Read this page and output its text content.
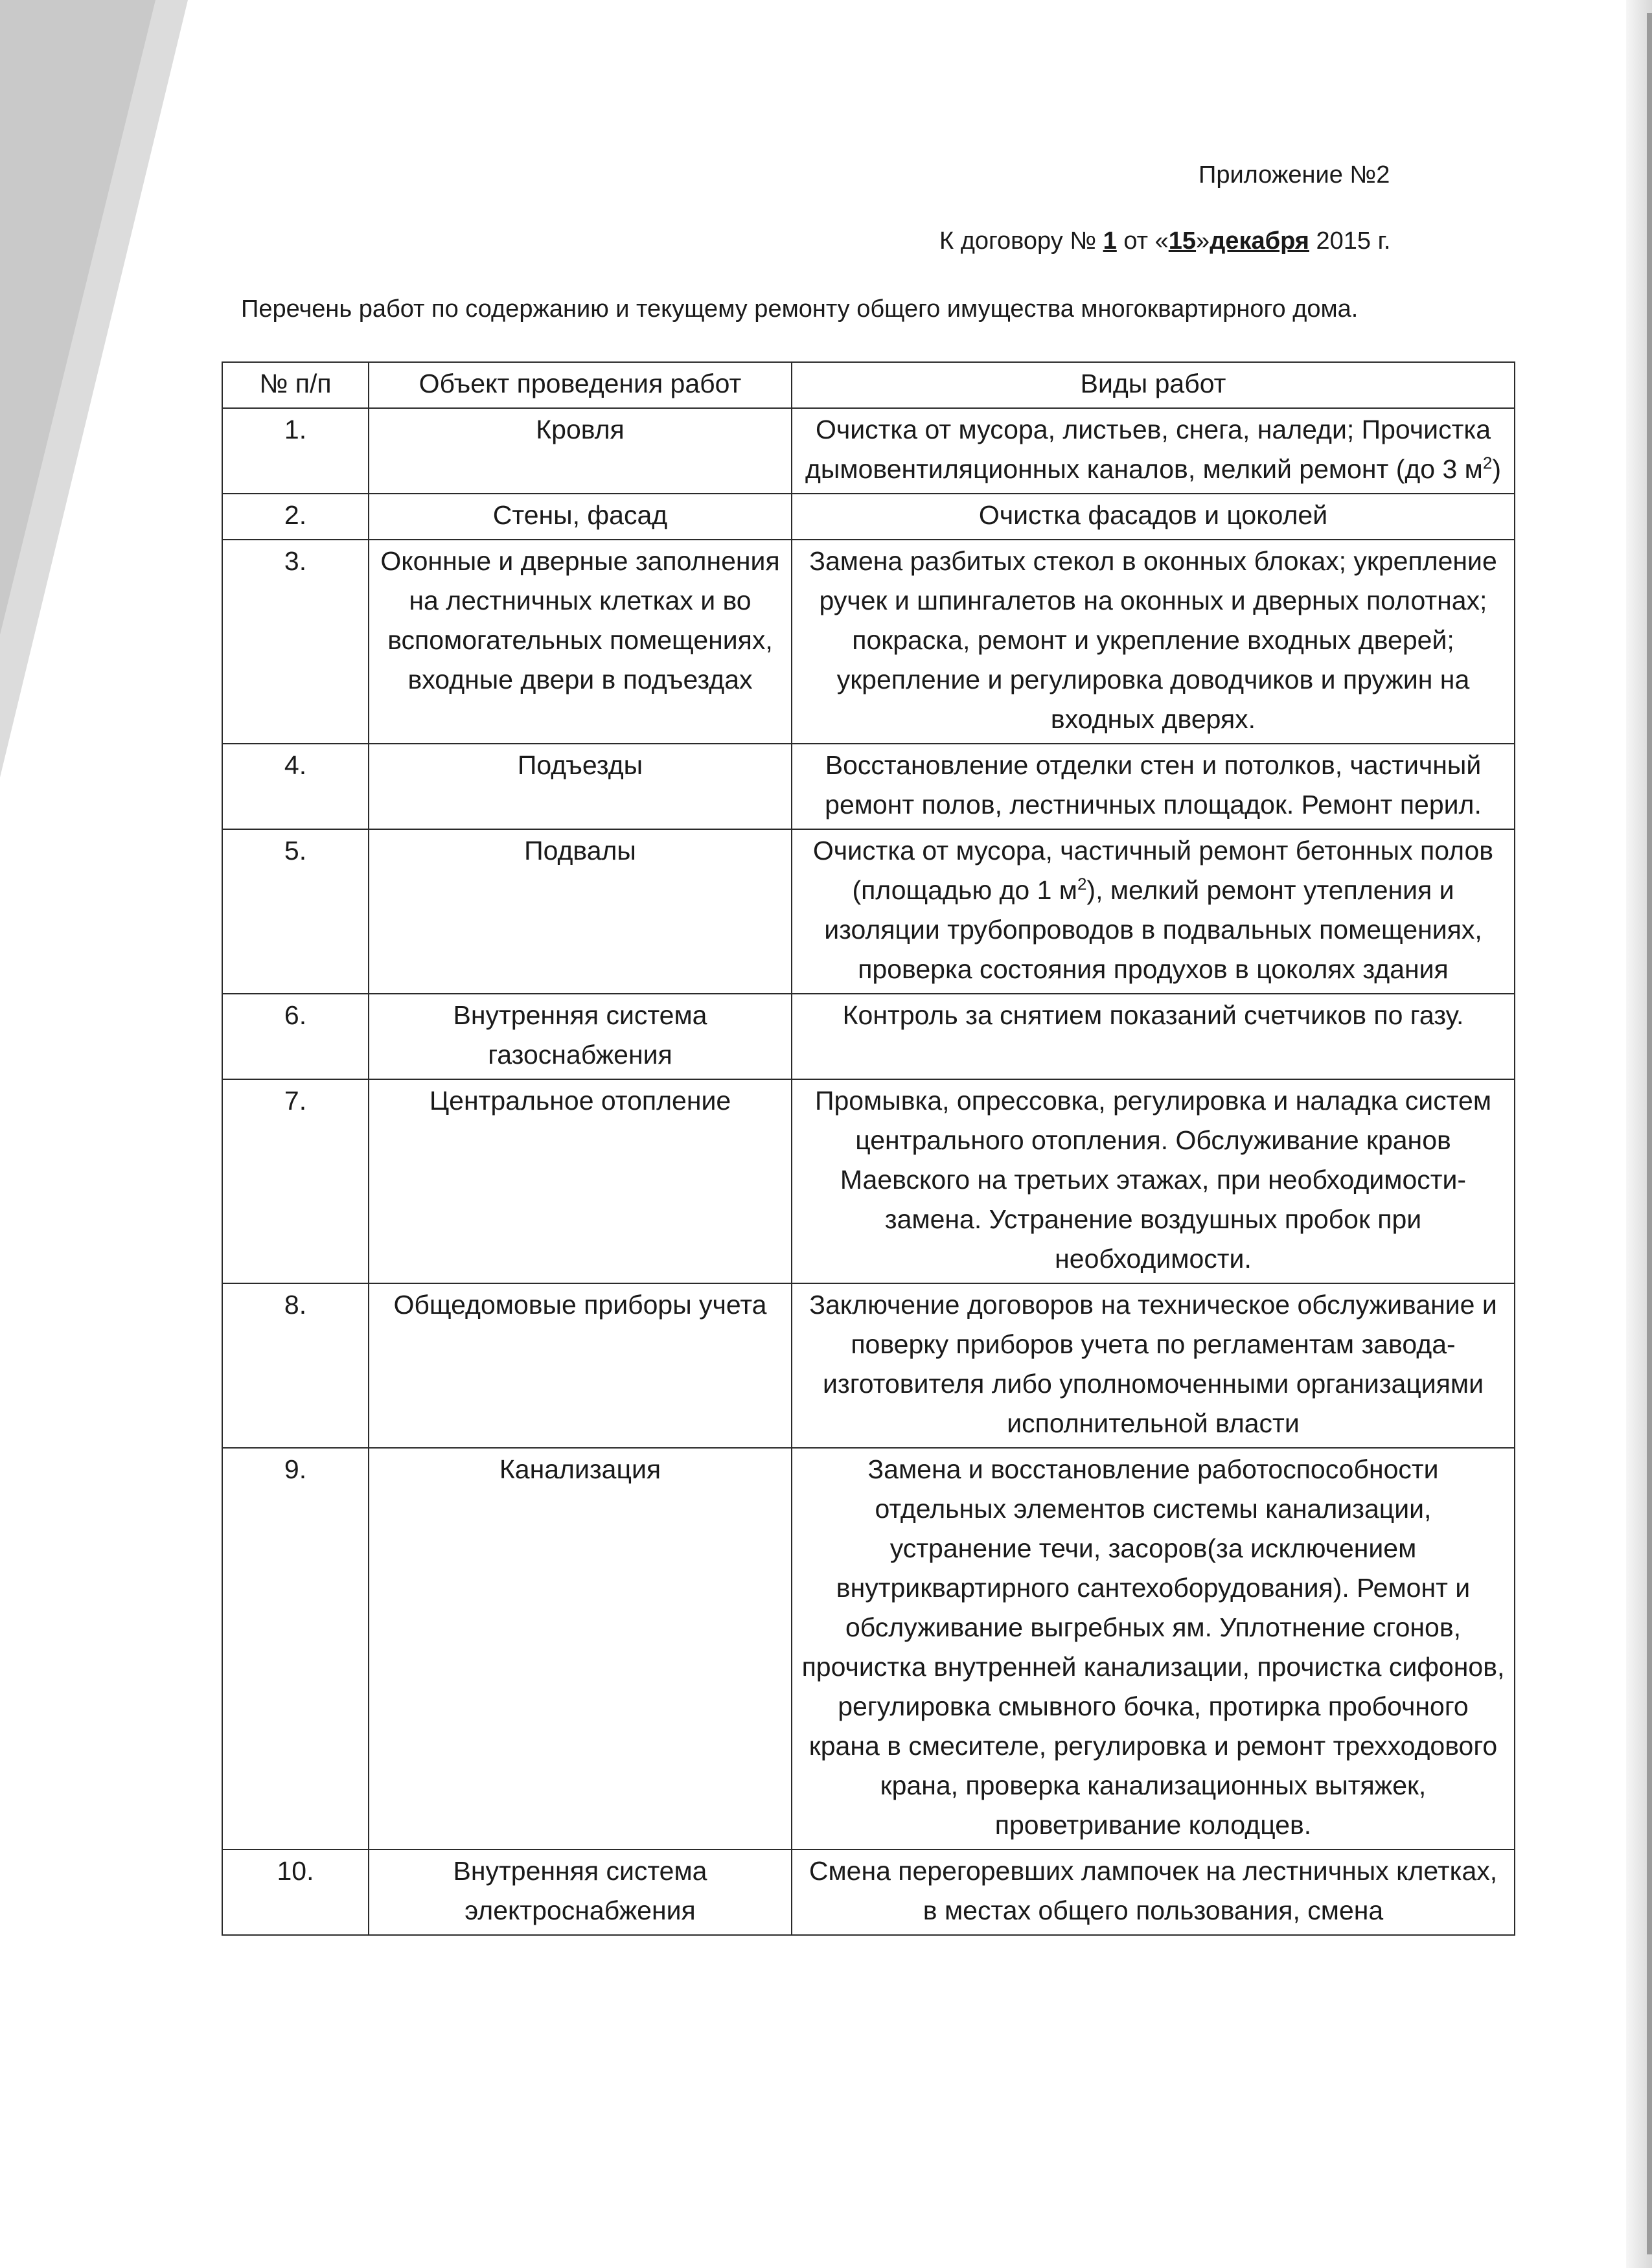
Приложение №2
К договору № 1 от «15»декабря 2015 г.
Перечень работ по содержанию и текущему ремонту общего имущества многоквартирного дома.
№ п/п	Объект проведения работ	Виды работ
1.	Кровля	Очистка от мусора, листьев, снега, наледи; Прочистка дымовентиляционных каналов, мелкий ремонт (до 3 $м^2$)
2.	Стены, фасад	Очистка фасадов и цоколей
3.	Оконные и дверные заполнения на лестничных клетках и во вспомогательных помещениях, входные двери в подъездах	Замена разбитых стекол в оконных блоках; укрепление ручек и шпингалетов на оконных и дверных полотнах; покраска, ремонт и укрепление входных дверей; укрепление и регулировка доводчиков и пружин на входных дверях.
4.	Подъезды	Восстановление отделки стен и потолков, частичный ремонт полов, лестничных площадок. Ремонт перил.
5.	Подвалы	Очистка от мусора, частичный ремонт бетонных полов (площадью до 1 $м^2$), мелкий ремонт утепления и изоляции трубопроводов в подвальных помещениях, проверка состояния продухов в цоколях здания
6.	Внутренняя система газоснабжения	Контроль за снятием показаний счетчиков по газу.
7.	Центральное отопление	Промывка, опрессовка, регулировка и наладка систем центрального отопления. Обслуживание кранов Маевского на третьих этажах, при необходимости-замена. Устранение воздушных пробок при необходимости.
8.	Общедомовые приборы учета	Заключение договоров на техническое обслуживание и поверку приборов учета по регламентам завода-изготовителя либо уполномоченными организациями исполнительной власти
9.	Канализация	Замена и восстановление работоспособности отдельных элементов системы канализации, устранение течи, засоров(за исключением внутриквартирного сантехоборудования). Ремонт и обслуживание выгребных ям. Уплотнение сгонов, прочистка внутренней канализации, прочистка сифонов, регулировка смывного бочка, протирка пробочного крана в смесителе, регулировка и ремонт трехходового крана, проверка канализационных вытяжек, проветривание колодцев.
10.	Внутренняя система электроснабжения	Смена перегоревших лампочек на лестничных клетках, в местах общего пользования, смена
